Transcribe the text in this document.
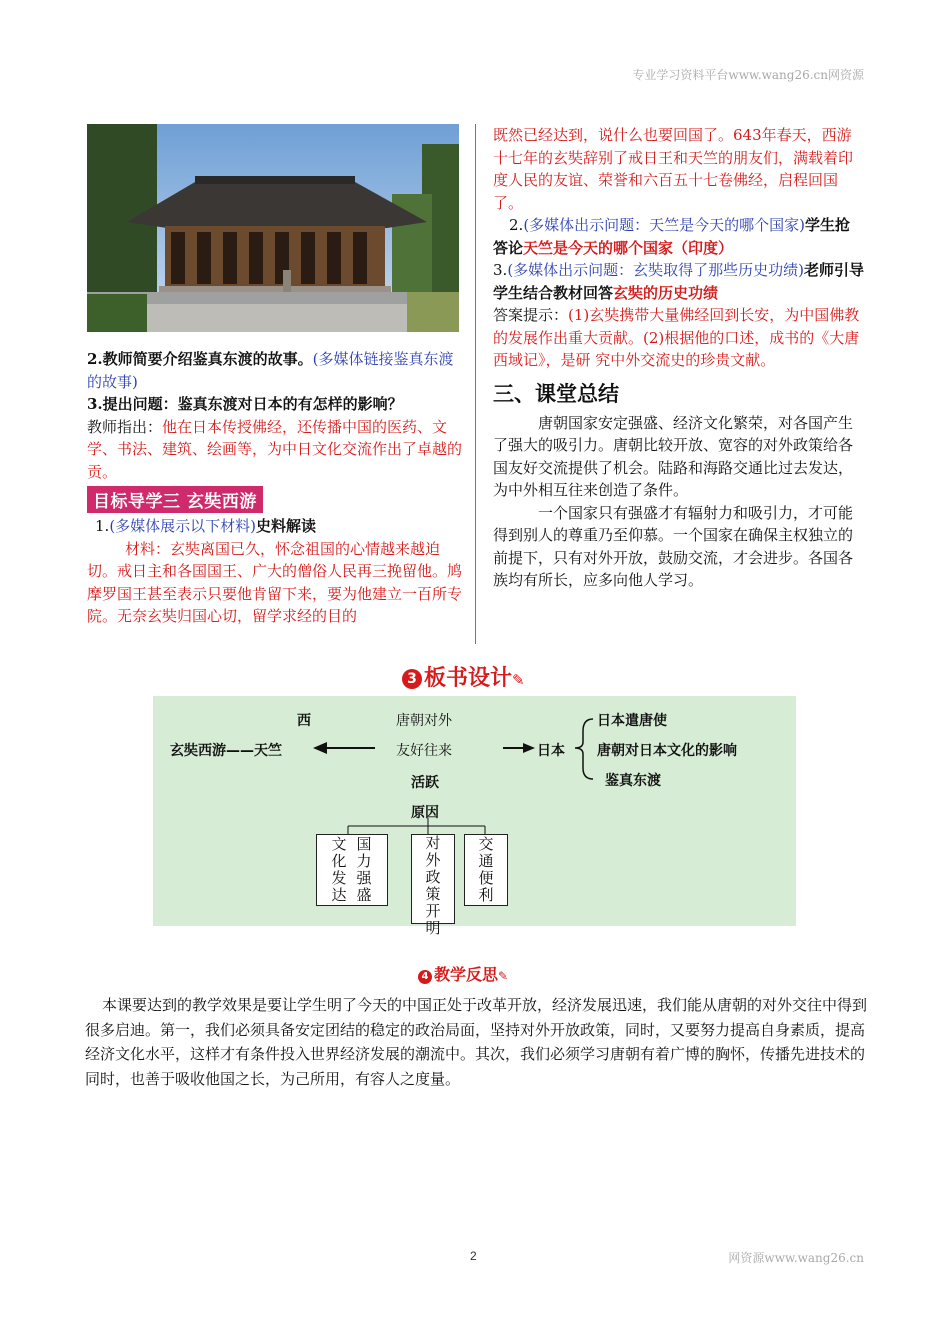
专业学习资料平台www.wang26.cn网资源

2.教师简要介绍鉴真东渡的故事。(多媒体链接鉴真东渡的故事)

3.提出问题：鉴真东渡对日本的有怎样的影响？

教师指出：他在日本传授佛经，还传播中国的医药、文学、书法、建筑、绘画等，为中日文化交流作出了卓越的贡。

目标导学三 玄奘西游

1.(多媒体展示以下材料)史料解读

材料：玄奘离国已久，怀念祖国的心情越来越迫切。戒日主和各国国王、广大的僧俗人民再三挽留他。鸠摩罗国王甚至表示只要他肯留下来，要为他建立一百所专院。无奈玄奘归国心切，留学求经的目的

既然已经达到，说什么也要回国了。643年春天，西游十七年的玄奘辞别了戒日王和天竺的朋友们，满载着印度人民的友谊、荣誉和六百五十七卷佛经，启程回国了。

2.(多媒体出示问题：天竺是今天的哪个国家)学生抢答论天竺是今天的哪个国家（印度）

3.(多媒体出示问题：玄奘取得了那些历史功绩)老师引导学生结合教材回答玄奘的历史功绩

答案提示：(1)玄奘携带大量佛经回到长安，为中国佛教的发展作出重大贡献。(2)根据他的口述，成书的《大唐西域记》，是研 究中外交流史的珍贵文献。

三、课堂总结

唐朝国家安定强盛、经济文化繁荣，对各国产生了强大的吸引力。唐朝比较开放、宽容的对外政策给各国友好交流提供了机会。陆路和海路交通比过去发达，为中外相互往来创造了条件。

一个国家只有强盛才有辐射力和吸引力，才可能得到别人的尊重乃至仰慕。一个国家在确保主权独立的前提下，只有对外开放，鼓励交流，才会进步。各国各族均有所长，应多向他人学习。

3 板书设计✎
西	唐朝对外
玄奘西游——天竺	友好往来	日本
活跃
原因
日本遣唐使
唐朝对日本文化的影响
鉴真东渡
国力强盛
文化发达
对外政策开明
交通便利
4 教学反思✎

本课要达到的教学效果是要让学生明了今天的中国正处于改革开放，经济发展迅速，我们能从唐朝的对外交往中得到很多启迪。第一，我们必须具备安定团结的稳定的政治局面，坚持对外开放政策，同时，又要努力提高自身素质，提高经济文化水平，这样才有条件投入世界经济发展的潮流中。其次，我们必须学习唐朝有着广博的胸怀，传播先进技术的同时，也善于吸收他国之长，为己所用，有容人之度量。

2	网资源www.wang26.cn
